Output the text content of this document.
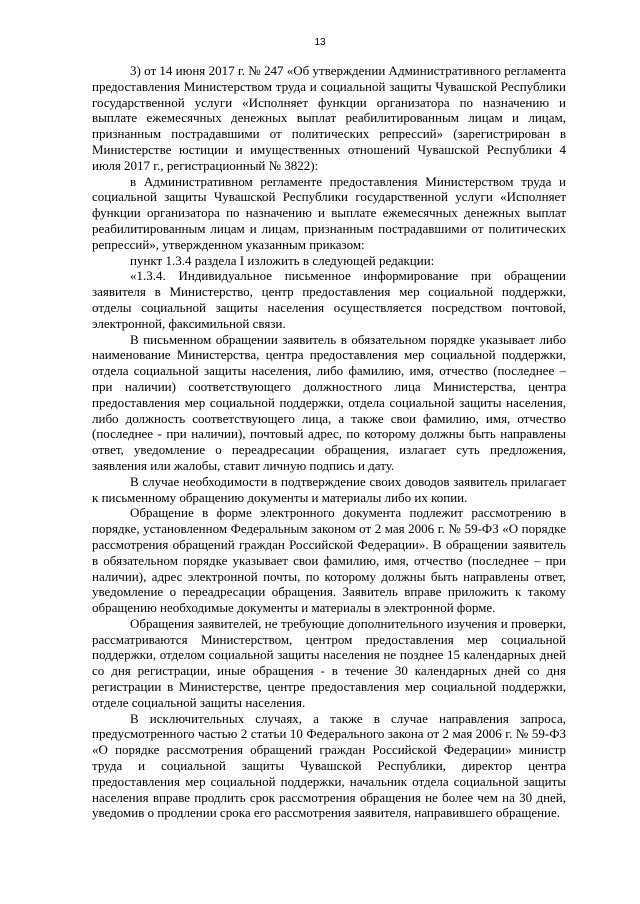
13

3) от 14 июня 2017 г. № 247 «Об утверждении Административного регламента предоставления Министерством труда и социальной защиты Чувашской Республики государственной услуги «Исполняет функции организатора по назначению и выплате ежемесячных денежных выплат реабилитированным лицам и лицам, признанным пострадавшими от политических репрессий» (зарегистрирован в Министерстве юстиции и имущественных отношений Чувашской Республики 4 июля 2017 г., регистрационный № 3822):

в Административном регламенте предоставления Министерством труда и социальной защиты Чувашской Республики государственной услуги «Исполняет функции организатора по назначению и выплате ежемесячных денежных выплат реабилитированным лицам и лицам, признанным пострадавшими от политических репрессий», утвержденном указанным приказом:

пункт 1.3.4 раздела I изложить в следующей редакции:

«1.3.4. Индивидуальное письменное информирование при обращении заявителя в Министерство, центр предоставления мер социальной поддержки, отделы социальной защиты населения осуществляется посредством почтовой, электронной, факсимильной связи.

В письменном обращении заявитель в обязательном порядке указывает либо наименование Министерства, центра предоставления мер социальной поддержки, отдела социальной защиты населения, либо фамилию, имя, отчество (последнее – при наличии) соответствующего должностного лица Министерства, центра предоставления мер социальной поддержки, отдела социальной защиты населения, либо должность соответствующего лица, а также свои фамилию, имя, отчество (последнее - при наличии), почтовый адрес, по которому должны быть направлены ответ, уведомление о переадресации обращения, излагает суть предложения, заявления или жалобы, ставит личную подпись и дату.

В случае необходимости в подтверждение своих доводов заявитель прилагает к письменному обращению документы и материалы либо их копии.

Обращение в форме электронного документа подлежит рассмотрению в порядке, установленном Федеральным законом от 2 мая 2006 г. № 59-ФЗ «О порядке рассмотрения обращений граждан Российской Федерации». В обращении заявитель в обязательном порядке указывает свои фамилию, имя, отчество (последнее – при наличии), адрес электронной почты, по которому должны быть направлены ответ, уведомление о переадресации обращения. Заявитель вправе приложить к такому обращению необходимые документы и материалы в электронной форме.

Обращения заявителей, не требующие дополнительного изучения и проверки, рассматриваются Министерством, центром предоставления мер социальной поддержки, отделом социальной защиты населения не позднее 15 календарных дней со дня регистрации, иные обращения - в течение 30 календарных дней со дня регистрации в Министерстве, центре предоставления мер социальной поддержки, отделе социальной защиты населения.

В исключительных случаях, а также в случае направления запроса, предусмотренного частью 2 статьи 10 Федерального закона от 2 мая 2006 г. № 59-ФЗ «О порядке рассмотрения обращений граждан Российской Федерации» министр труда и социальной защиты Чувашской Республики, директор центра предоставления мер социальной поддержки, начальник отдела социальной защиты населения вправе продлить срок рассмотрения обращения не более чем на 30 дней, уведомив о продлении срока его рассмотрения заявителя, направившего обращение.
